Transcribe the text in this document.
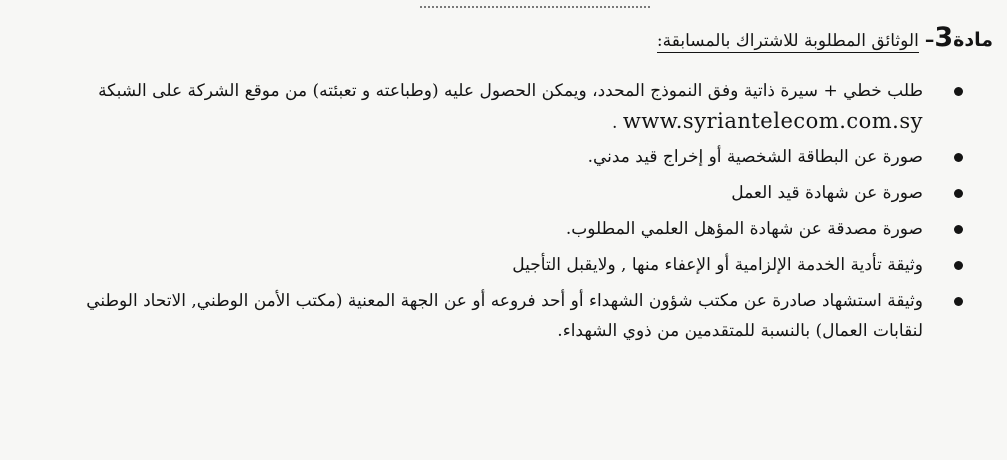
مادة3–
الوثائق المطلوبة للاشتراك بالمسابقة:
طلب خطي + سيرة ذاتية وفق النموذج المحدد، ويمكن الحصول عليه (وطباعته و تعبئته) من موقع الشركة على الشبكة
www.syriantelecom.com.sy .
صورة عن البطاقة الشخصية أو إخراج قيد مدني.
صورة عن شهادة قيد العمل
صورة مصدقة عن شهادة المؤهل العلمي المطلوب.
وثيقة تأدية الخدمة الإلزامية أو الإعفاء منها , ولايقبل التأجيل
وثيقة استشهاد صادرة عن مكتب شؤون الشهداء أو أحد فروعه أو عن الجهة المعنية (مكتب الأمن الوطني, الاتحاد الوطني
لنقابات العمال) بالنسبة للمتقدمين من ذوي الشهداء.
